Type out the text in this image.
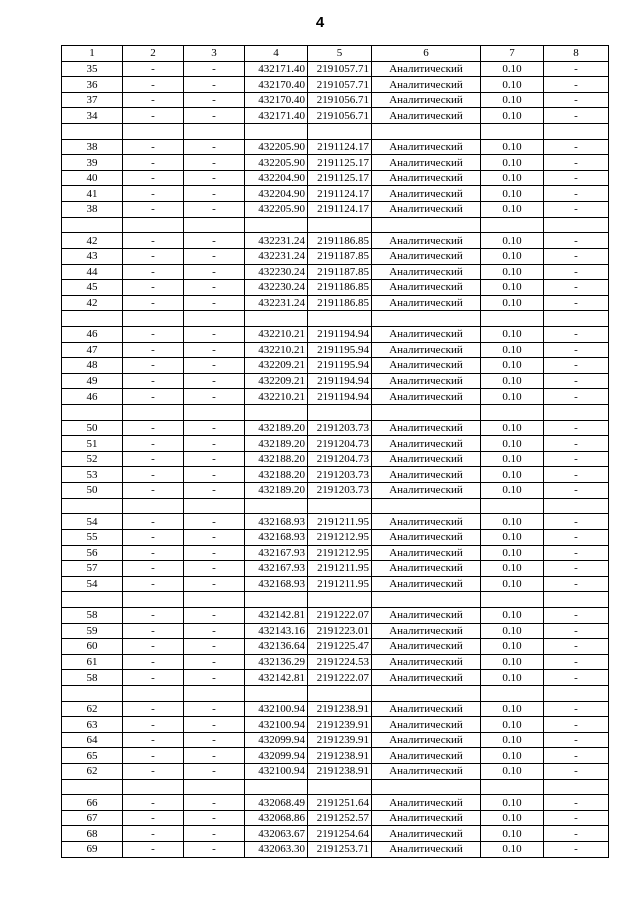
4
1	2	3	4	5	6	7	8
35	-	-	432171.40	2191057.71	Аналитический	0.10	-
36	-	-	432170.40	2191057.71	Аналитический	0.10	-
37	-	-	432170.40	2191056.71	Аналитический	0.10	-
34	-	-	432171.40	2191056.71	Аналитический	0.10	-

38	-	-	432205.90	2191124.17	Аналитический	0.10	-
39	-	-	432205.90	2191125.17	Аналитический	0.10	-
40	-	-	432204.90	2191125.17	Аналитический	0.10	-
41	-	-	432204.90	2191124.17	Аналитический	0.10	-
38	-	-	432205.90	2191124.17	Аналитический	0.10	-

42	-	-	432231.24	2191186.85	Аналитический	0.10	-
43	-	-	432231.24	2191187.85	Аналитический	0.10	-
44	-	-	432230.24	2191187.85	Аналитический	0.10	-
45	-	-	432230.24	2191186.85	Аналитический	0.10	-
42	-	-	432231.24	2191186.85	Аналитический	0.10	-

46	-	-	432210.21	2191194.94	Аналитический	0.10	-
47	-	-	432210.21	2191195.94	Аналитический	0.10	-
48	-	-	432209.21	2191195.94	Аналитический	0.10	-
49	-	-	432209.21	2191194.94	Аналитический	0.10	-
46	-	-	432210.21	2191194.94	Аналитический	0.10	-

50	-	-	432189.20	2191203.73	Аналитический	0.10	-
51	-	-	432189.20	2191204.73	Аналитический	0.10	-
52	-	-	432188.20	2191204.73	Аналитический	0.10	-
53	-	-	432188.20	2191203.73	Аналитический	0.10	-
50	-	-	432189.20	2191203.73	Аналитический	0.10	-

54	-	-	432168.93	2191211.95	Аналитический	0.10	-
55	-	-	432168.93	2191212.95	Аналитический	0.10	-
56	-	-	432167.93	2191212.95	Аналитический	0.10	-
57	-	-	432167.93	2191211.95	Аналитический	0.10	-
54	-	-	432168.93	2191211.95	Аналитический	0.10	-

58	-	-	432142.81	2191222.07	Аналитический	0.10	-
59	-	-	432143.16	2191223.01	Аналитический	0.10	-
60	-	-	432136.64	2191225.47	Аналитический	0.10	-
61	-	-	432136.29	2191224.53	Аналитический	0.10	-
58	-	-	432142.81	2191222.07	Аналитический	0.10	-

62	-	-	432100.94	2191238.91	Аналитический	0.10	-
63	-	-	432100.94	2191239.91	Аналитический	0.10	-
64	-	-	432099.94	2191239.91	Аналитический	0.10	-
65	-	-	432099.94	2191238.91	Аналитический	0.10	-
62	-	-	432100.94	2191238.91	Аналитический	0.10	-

66	-	-	432068.49	2191251.64	Аналитический	0.10	-
67	-	-	432068.86	2191252.57	Аналитический	0.10	-
68	-	-	432063.67	2191254.64	Аналитический	0.10	-
69	-	-	432063.30	2191253.71	Аналитический	0.10	-
